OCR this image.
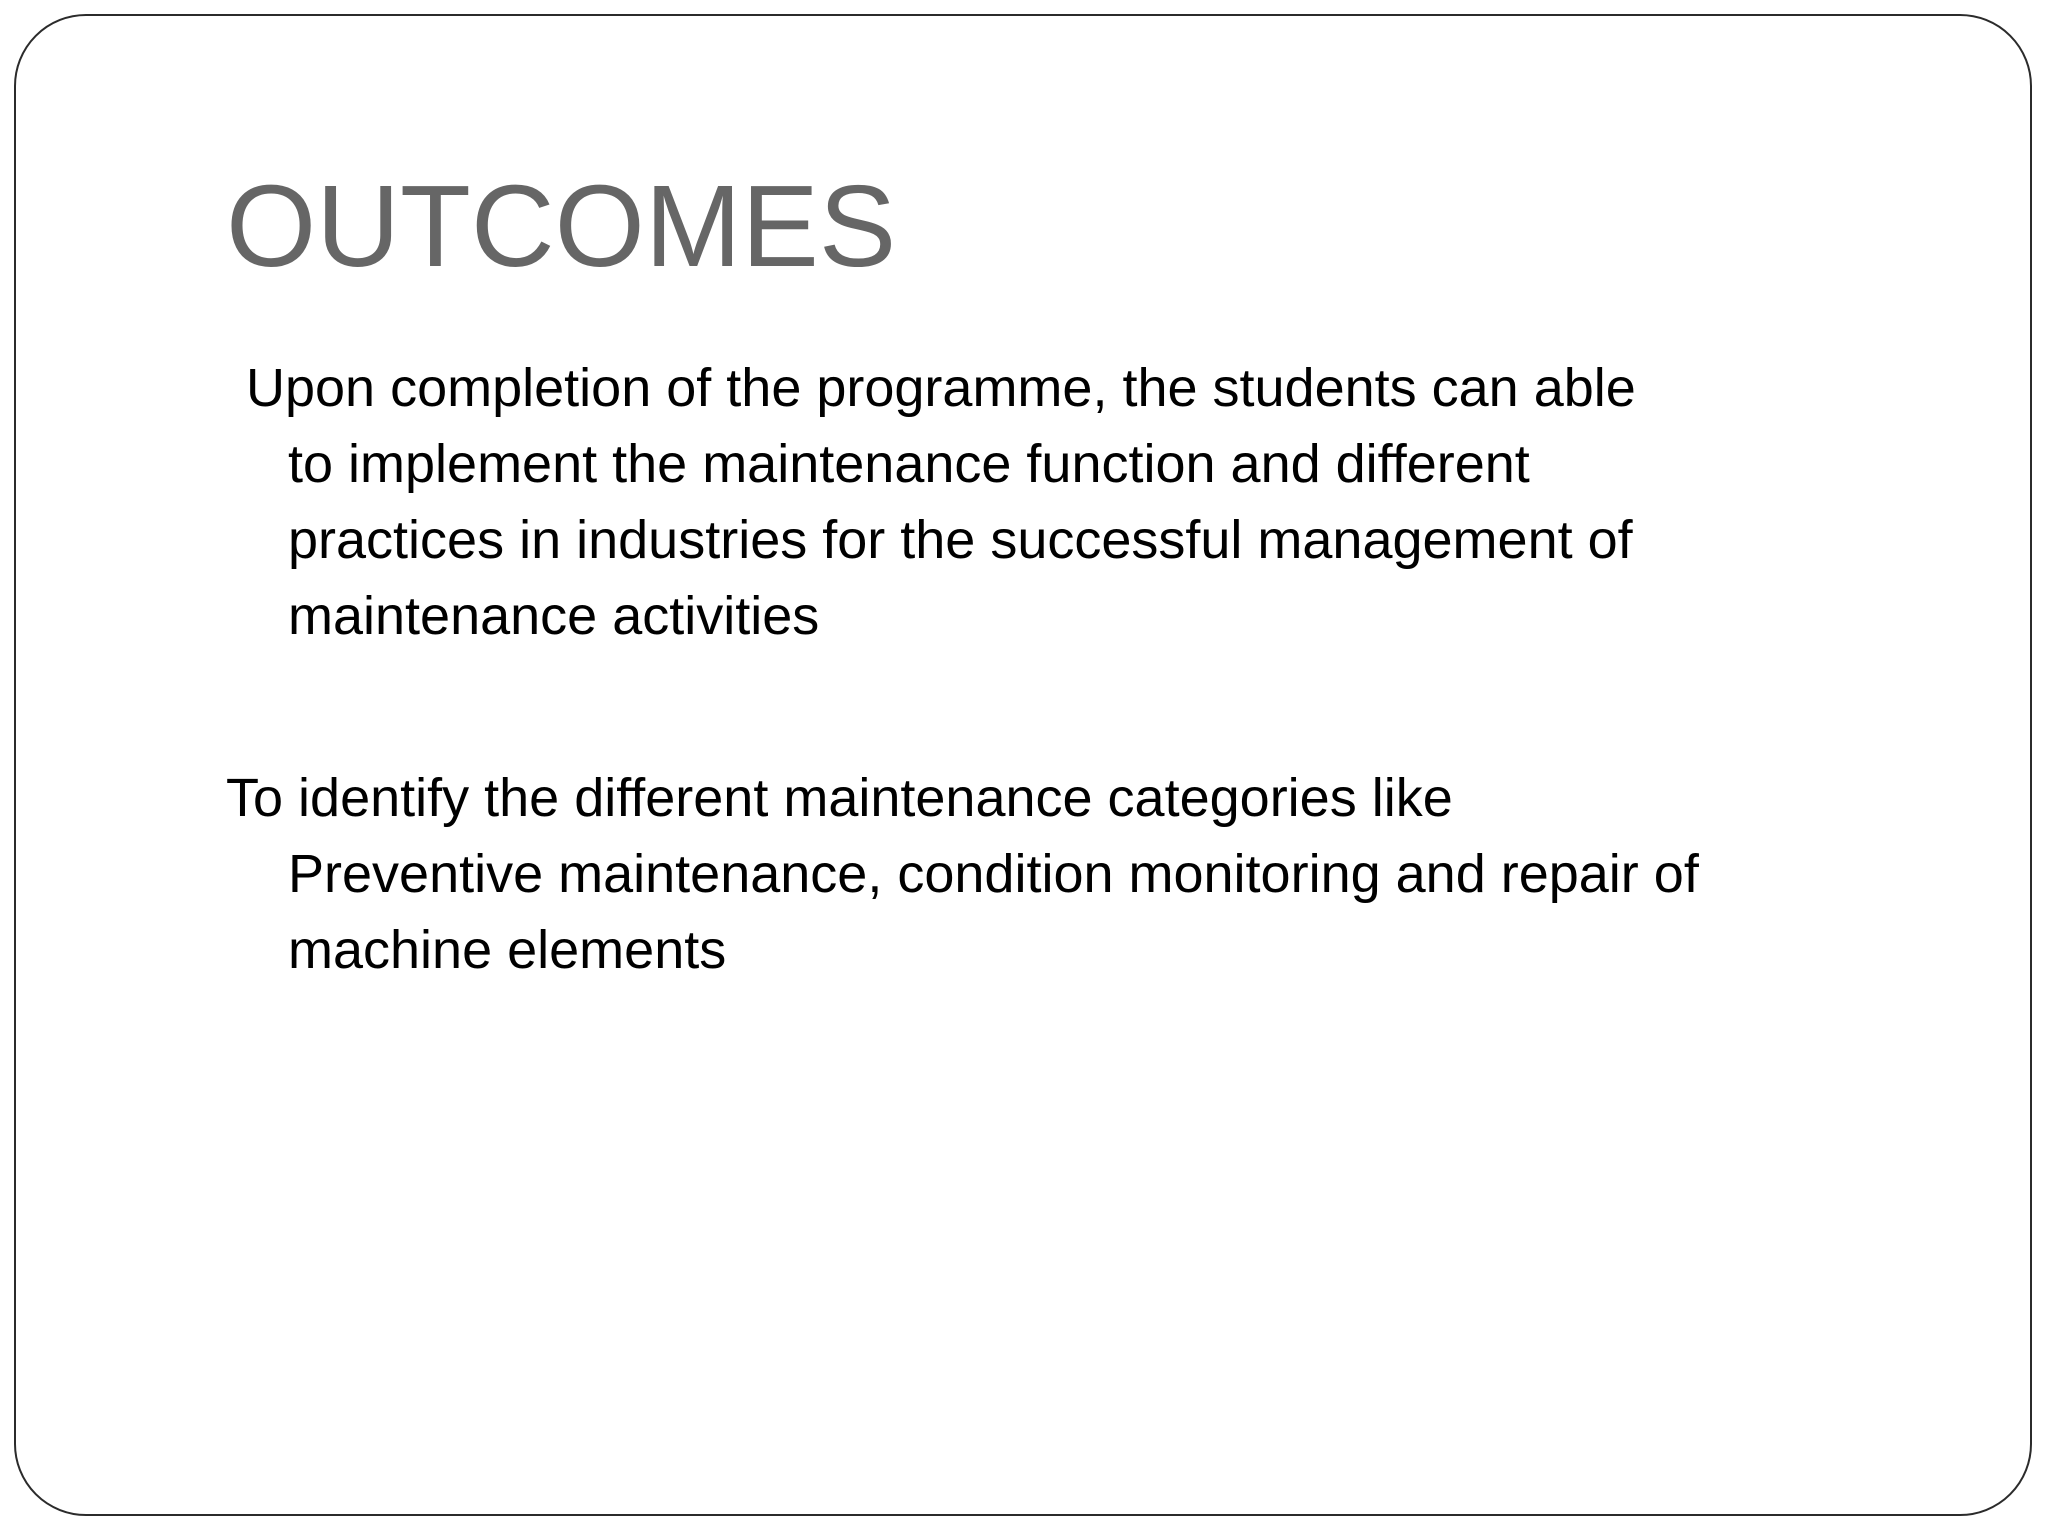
OUTCOMES

Upon completion of the programme, the students can able
to implement the maintenance function and different
practices in industries for the successful management of
maintenance activities

To identify the different maintenance categories like
Preventive maintenance, condition monitoring and repair of
machine elements
